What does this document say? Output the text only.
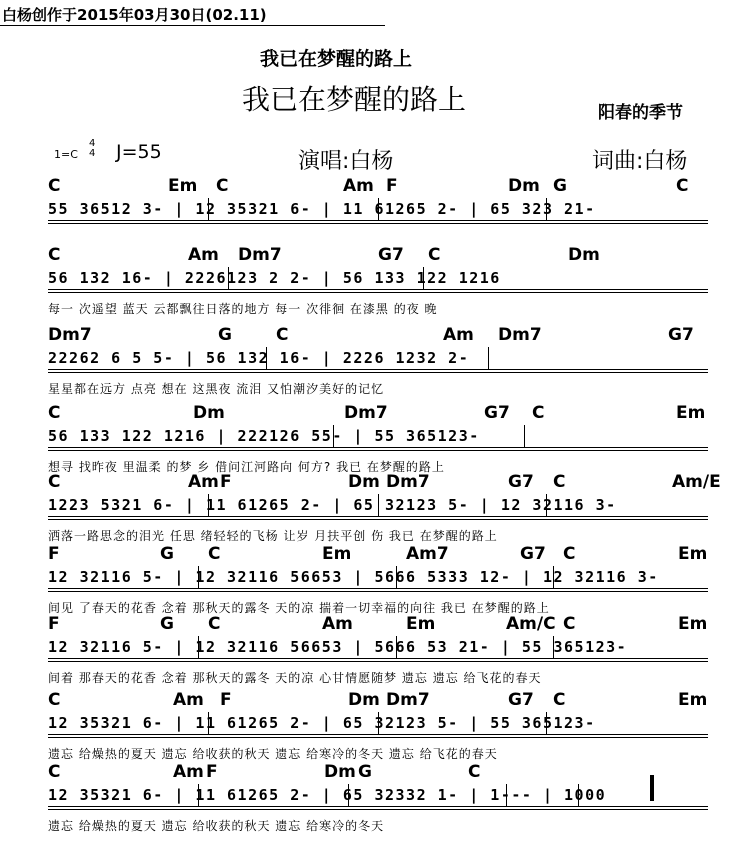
白杨创作于2015年03月30日(02.11)
我已在梦醒的路上
我已在梦醒的路上	阳春的季节
1=C
4
4 J=55	演唱:白杨	词曲:白杨
C	Em C	Am F	Dm G	C
55 36512 3- | 12 35321 6- | 11 61265 2- | 65 323 21-
C	Am Dm7	G7 C	Dm
56 132 16- | 2226123 2 2- | 56 133 122 1216
每一 次遥望 蓝天 云都飘往日落的地方 每一 次徘徊 在漆黑 的夜 晚
Dm7	G	C	Am Dm7	G7
22262 6 5 5- | 56 132 16- | 2226 1232 2-
星星都在远方 点亮 想在 这黑夜 流泪 又怕潮汐美好的记忆
C	Dm	Dm7	G7 C	Em
56 133 122 1216 | 222126 55- | 55 365123-
想寻 找昨夜 里温柔 的梦 乡 借问江河路向 何方? 我已 在梦醒的路上
C	Am F	Dm Dm7	G7 C	Am/E
1223 5321 6- | 11 61265 2- | 65 32123 5- | 12 32116 3-
洒落一路思念的泪光 任思 绪轻轻的飞杨 让岁 月扶平创 伤 我已 在梦醒的路上
F	G C	Em	Am7	G7 C	Em
12 32116 5- | 12 32116 56653 | 5666 5333 12- | 12 32116 3-
间见 了春天的花香 念着 那秋天的露冬 天的凉 揣着一切幸福的向往 我已 在梦醒的路上
F	G C	Am	Em	Am/C C	Em
12 32116 5- | 12 32116 56653 | 5666 53 21- | 55 365123-
间着 那春天的花香 念着 那秋天的露冬 天的凉 心甘情愿随梦 遗忘 遗忘 给飞花的春天
C	Am F	Dm Dm7	G7 C	Em
12 35321 6- | 11 61265 2- | 65 32123 5- | 55 365123-
遗忘 给燥热的夏天 遗忘 给收获的秋天 遗忘 给寒冷的冬天 遗忘 给飞花的春天
C	Am F	Dm G	C
12 35321 6- | 11 61265 2- | 65 32332 1- | 1--- | 1000
遗忘 给燥热的夏天 遗忘 给收获的秋天 遗忘 给寒冷的冬天
